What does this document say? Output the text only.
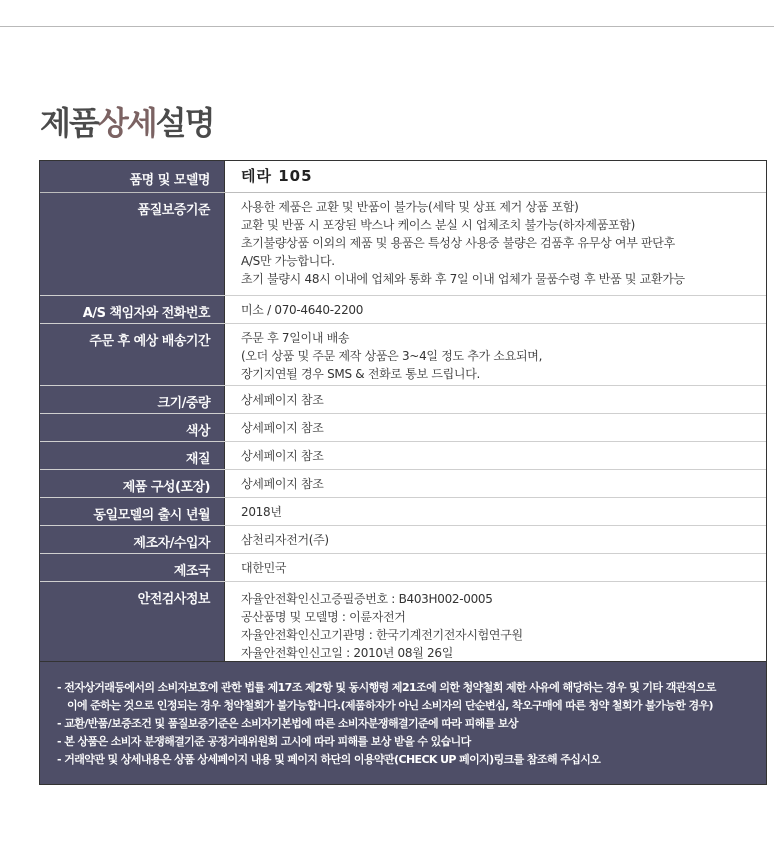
제품상세설명
품명 및 모델명	테라 105
품질보증기준	사용한 제품은 교환 및 반품이 불가능(세탁 및 상표 제거 상품 포함)
교환 및 반품 시 포장된 박스나 케이스 분실 시 업체조치 불가능(하자제품포함)
초기불량상품 이외의 제품 및 용품은 특성상 사용중 불량은 검품후 유무상 여부 판단후
A/S만 가능합니다.
초기 불량시 48시 이내에 업체와 통화 후 7일 이내 업체가 물품수령 후 반품 및 교환가능
A/S 책임자와 전화번호	미소 / 070-4640-2200
주문 후 예상 배송기간	주문 후 7일이내 배송
(오더 상품 및 주문 제작 상품은 3~4일 정도 추가 소요되며,
장기지연될 경우 SMS & 전화로 통보 드립니다.
크기/중량	상세페이지 참조
색상	상세페이지 참조
재질	상세페이지 참조
제품 구성(포장)	상세페이지 참조
동일모델의 출시 년월	2018년
제조자/수입자	삼천리자전거(주)
제조국	대한민국
안전검사정보	자율안전확인신고증필증번호 : B403H002-0005
공산품명 및 모델명 : 이륜자전거
자율안전확인신고기관명 : 한국기계전기전자시험연구원
자율안전확인신고일 : 2010년 08월 26일
- 전자상거래등에서의 소비자보호에 관한 법률 제17조 제2항 및 동시행령 제21조에 의한 청약철회 제한 사유에 해당하는 경우 및 기타 객관적으로
이에 준하는 것으로 인정되는 경우 청약철회가 불가능합니다.(제품하자가 아닌 소비자의 단순변심, 착오구매에 따른 청약 철회가 불가능한 경우)
- 교환/반품/보증조건 및 품질보증기준은 소비자기본법에 따른 소비자분쟁해결기준에 따라 피해를 보상
- 본 상품은 소비자 분쟁해결기준 공정거래위원회 고시에 따라 피해를 보상 받을 수 있습니다
- 거래약관 및 상세내용은 상품 상세페이지 내용 및 페이지 하단의 이용약관(CHECK UP 페이지)링크를 참조해 주십시오
